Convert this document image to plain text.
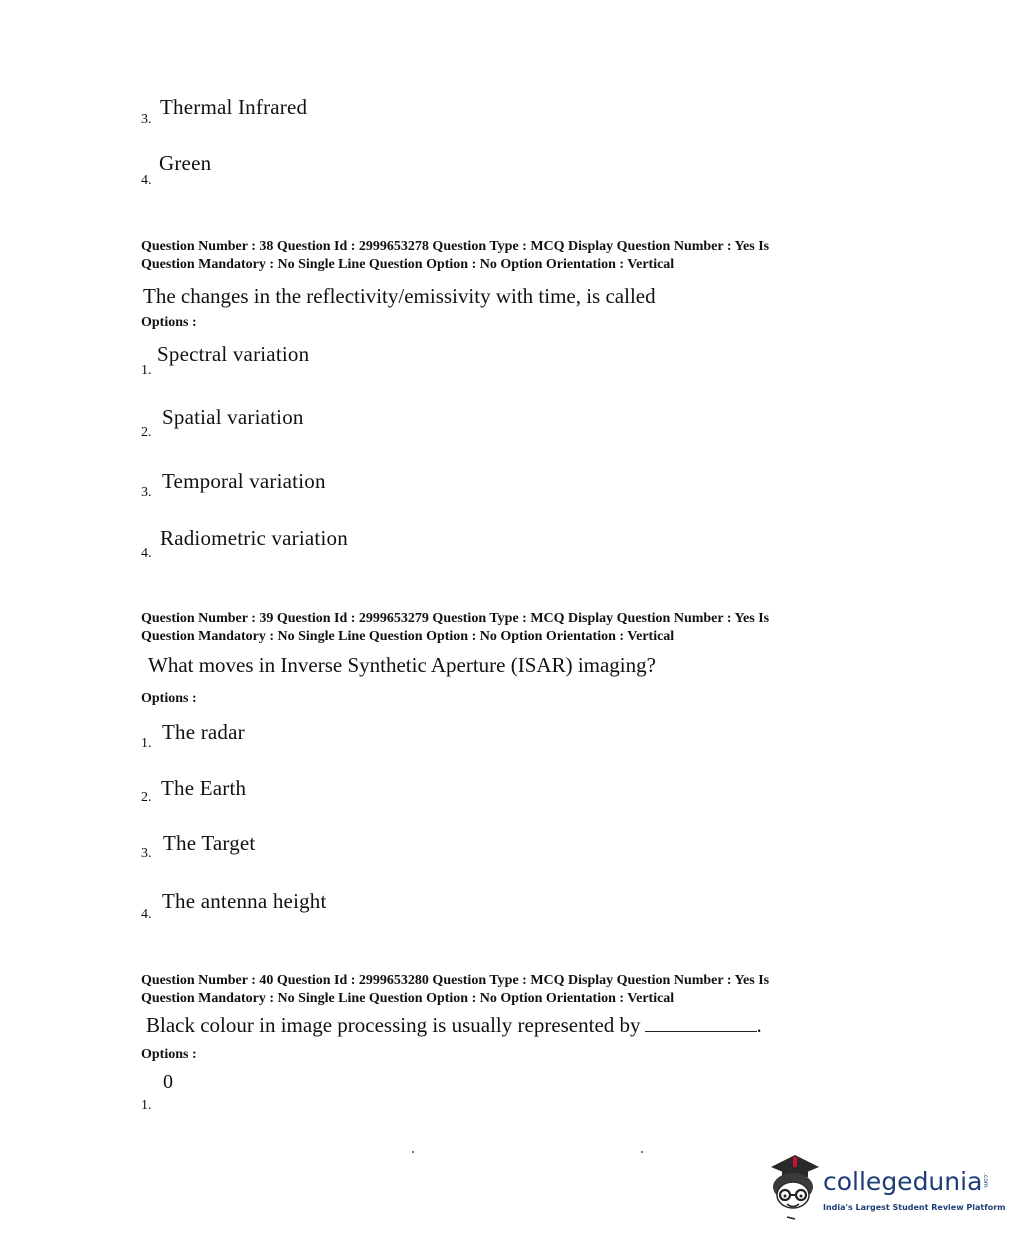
Thermal Infrared
3.
Green
4.
Question Number : 38 Question Id : 2999653278 Question Type : MCQ Display Question Number : Yes Is
Question Mandatory : No Single Line Question Option : No Option Orientation : Vertical
The changes in the reflectivity/emissivity with time, is called
Options :
Spectral variation
1.
Spatial variation
2.
Temporal variation
3.
Radiometric variation
4.
Question Number : 39 Question Id : 2999653279 Question Type : MCQ Display Question Number : Yes Is
Question Mandatory : No Single Line Question Option : No Option Orientation : Vertical
What moves in Inverse Synthetic Aperture (ISAR) imaging?
Options :
The radar
1.
The Earth
2.
The Target
3.
The antenna height
4.
Question Number : 40 Question Id : 2999653280 Question Type : MCQ Display Question Number : Yes Is
Question Mandatory : No Single Line Question Option : No Option Orientation : Vertical
Black colour in image processing is usually represented by	.
Options :
0
1.
collegedunia .com
India's Largest Student Review Platform
